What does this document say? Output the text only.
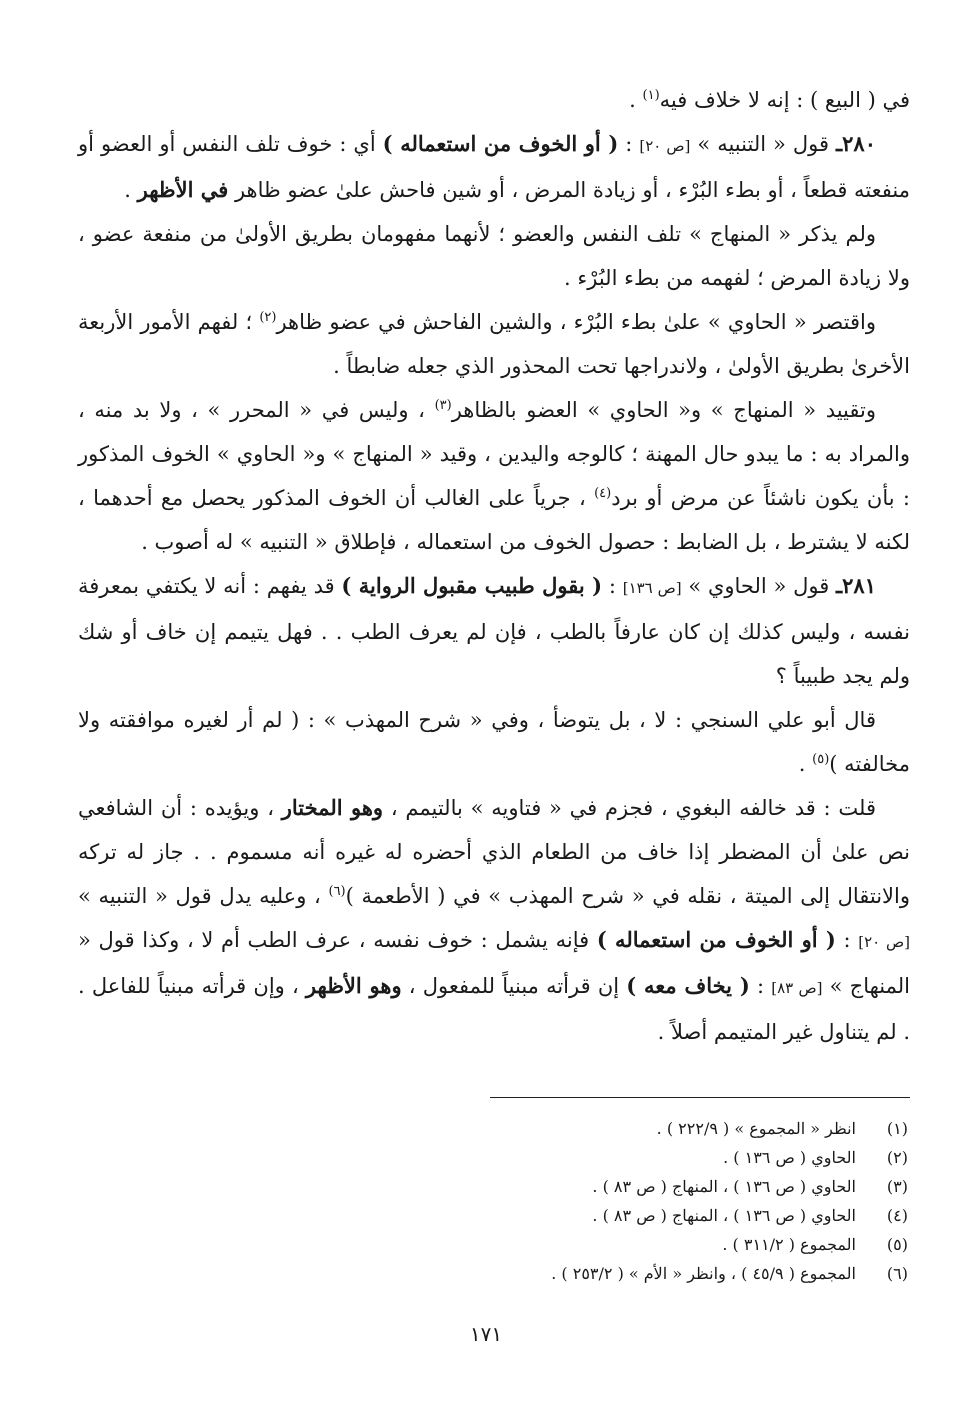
في ( البيع ) : إنه لا خلاف فيه$^{(١)}$ .

٢٨٠ـ قول « التنبيه » [ص ٢٠] : ( أو الخوف من استعماله ) أي : خوف تلف النفس أو العضو أو منفعته قطعاً ، أو بطء البُرْء ، أو زيادة المرض ، أو شين فاحش علىٰ عضو ظاهر في الأظهر .

ولم يذكر « المنهاج » تلف النفس والعضو ؛ لأنهما مفهومان بطريق الأولىٰ من منفعة عضو ، ولا زيادة المرض ؛ لفهمه من بطء البُرْء .

واقتصر « الحاوي » علىٰ بطء البُرْء ، والشين الفاحش في عضو ظاهر$^{(٢)}$ ؛ لفهم الأمور الأربعة الأخرىٰ بطريق الأولىٰ ، ولاندراجها تحت المحذور الذي جعله ضابطاً .

وتقييد « المنهاج » و« الحاوي » العضو بالظاهر$^{(٣)}$ ، وليس في « المحرر » ، ولا بد منه ، والمراد به : ما يبدو حال المهنة ؛ كالوجه واليدين ، وقيد « المنهاج » و« الحاوي » الخوف المذكور : بأن يكون ناشئاً عن مرض أو برد$^{(٤)}$ ، جرياً على الغالب أن الخوف المذكور يحصل مع أحدهما ، لكنه لا يشترط ، بل الضابط : حصول الخوف من استعماله ، فإطلاق « التنبيه » له أصوب .

٢٨١ـ قول « الحاوي » [ص ١٣٦] : ( بقول طبيب مقبول الرواية ) قد يفهم : أنه لا يكتفي بمعرفة نفسه ، وليس كذلك إن كان عارفاً بالطب ، فإن لم يعرف الطب . . فهل يتيمم إن خاف أو شك ولم يجد طبيباً ؟

قال أبو علي السنجي : لا ، بل يتوضأ ، وفي « شرح المهذب » : ( لم أر لغيره موافقته ولا مخالفته )$^{(٥)}$ .

قلت : قد خالفه البغوي ، فجزم في « فتاويه » بالتيمم ، وهو المختار ، ويؤيده : أن الشافعي نص علىٰ أن المضطر إذا خاف من الطعام الذي أحضره له غيره أنه مسموم . . جاز له تركه والانتقال إلى الميتة ، نقله في « شرح المهذب » في ( الأطعمة )$^{(٦)}$ ، وعليه يدل قول « التنبيه » [ص ٢٠] : ( أو الخوف من استعماله ) فإنه يشمل : خوف نفسه ، عرف الطب أم لا ، وكذا قول « المنهاج » [ص ٨٣] : ( يخاف معه ) إن قرأته مبنياً للمفعول ، وهو الأظهر ، وإن قرأته مبنياً للفاعل . . لم يتناول غير المتيمم أصلاً .

(١)
انظر « المجموع » ( ٢٢٢/٩ ) .
(٢)
الحاوي ( ص ١٣٦ ) .
(٣)
الحاوي ( ص ١٣٦ ) ، المنهاج ( ص ٨٣ ) .
(٤)
الحاوي ( ص ١٣٦ ) ، المنهاج ( ص ٨٣ ) .
(٥)
المجموع ( ٣١١/٢ ) .
(٦)
المجموع ( ٤٥/٩ ) ، وانظر « الأم » ( ٢٥٣/٢ ) .
١٧١
